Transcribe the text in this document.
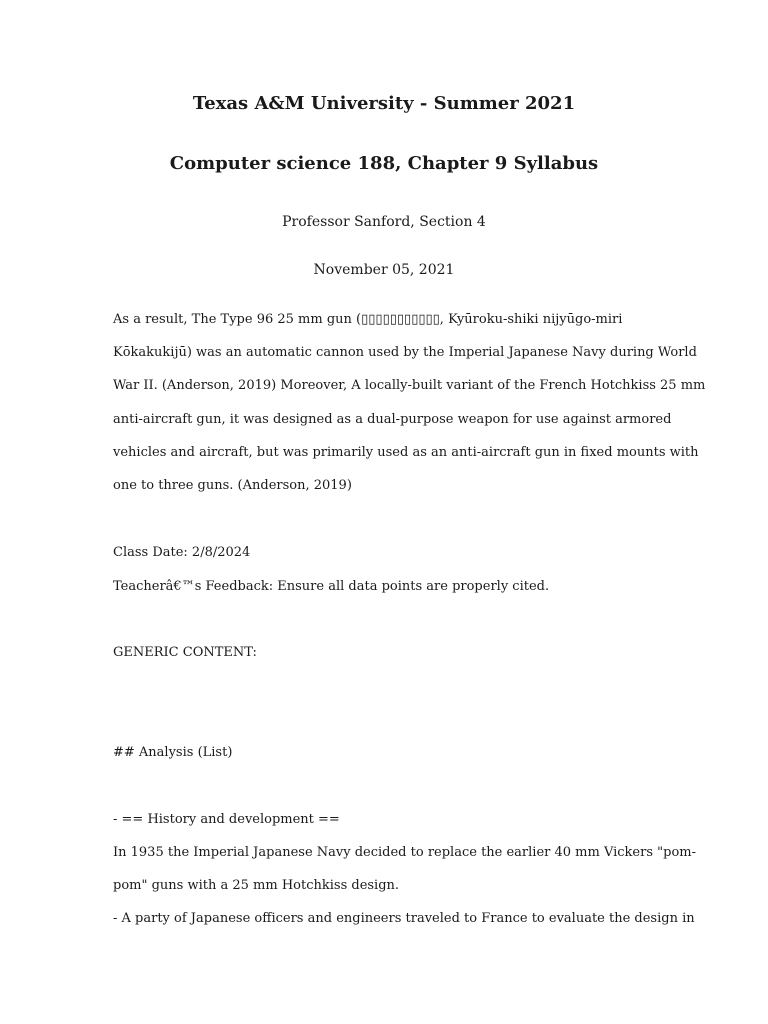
Texas A&M University - Summer 2021
Computer science 188, Chapter 9 Syllabus
Professor Sanford, Section 4
November 05, 2021
As a result, The Type 96 25 mm gun (▯▯▯▯▯▯▯▯▯▯▯, Kyūroku-shiki nijyūgo-miri
Kōkakukijū) was an automatic cannon used by the Imperial Japanese Navy during World
War II. (Anderson, 2019) Moreover, A locally-built variant of the French Hotchkiss 25 mm
anti-aircraft gun, it was designed as a dual-purpose weapon for use against armored
vehicles and aircraft, but was primarily used as an anti-aircraft gun in fixed mounts with
one to three guns. (Anderson, 2019)
Class Date: 2/8/2024
Teacherâ€™s Feedback: Ensure all data points are properly cited.
GENERIC CONTENT:
## Analysis (List)
- == History and development ==
In 1935 the Imperial Japanese Navy decided to replace the earlier 40 mm Vickers "pom-
pom" guns with a 25 mm Hotchkiss design.
- A party of Japanese officers and engineers traveled to France to evaluate the design in
